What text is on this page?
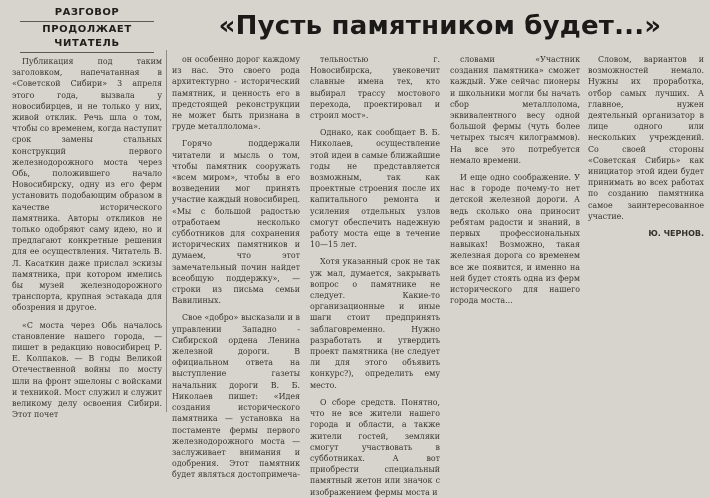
РАЗГОВОР
ПРОДОЛЖАЕТ ЧИТАТЕЛЬ
«Пусть памятником будет...»

Публикация под таким заголовком, напечатанная в «Советской Сибири» 3 апреля этого года, вызвала у новосибирцев, и не только у них, живой отклик. Речь шла о том, чтобы со временем, когда наступит срок замены стальных конструкций первого железнодорожного моста через Обь, положившего начало Новосибирску, одну из его ферм установить подобающим образом в качестве исторического памятника. Авторы откликов не только одобряют саму идею, но и предлагают конкретные решения для ее осуществления. Читатель В. Л. Касаткин даже прислал эскизы памятника, при котором имелись бы музей железнодорожного транспорта, крупная эстакада для обозрения и другое.

«С моста через Обь началось становление нашего города, — пишет в редакцию новосибирец Р. Е. Колпаков. — В годы Великой Отечественной войны по мосту шли на фронт эшелоны с войсками и техникой. Мост служил и служит великому делу освоения Сибири. Этот почет

он особенно дорог каждому из нас. Это своего рода архитектурно - исторический памятник, и ценность его в предстоящей реконструкции не может быть признана в груде металлолома».

Горячо поддержали читатели и мысль о том, чтобы памятник сооружать «всем миром», чтобы в его возведении мог принять участие каждый новосибирец. «Мы с большой радостью отработаем несколько субботников для сохранения исторических памятников и думаем, что этот замечательный почин найдет всеобщую поддержку», — строки из письма семьи Вавилиных.

Свое «добро» высказали и в управлении Западно - Сибирской ордена Ленина железной дороги. В официальном ответа на выступление газеты начальник дороги В. Б. Николаев пишет: «Идея создания исторического памятника — установка на постаменте фермы первого железнодорожного моста — заслуживает внимания и одобрения. Этот памятник будет являться достопримеча-

тельностью г. Новосибирска, увековечит славные имена тех, кто выбирал трассу мостового перехода, проектировал и строил мост».

Однако, как сообщает В. Б. Николаев, осуществление этой идеи в самые ближайшие годы не представляется возможным, так как проектные строения после их капитального ремонта и усиления отдельных узлов смогут обеспечить надежную работу моста еще в течение 10—15 лет.

Хотя указанный срок не так уж мал, думается, закрывать вопрос о памятнике не следует. Какие-то организационные и иные шаги стоит предпринять заблаговременно. Нужно разработать и утвердить проект памятника (не следует ли для этого объявить конкурс?), определить ему место.

О сборе средств. Понятно, что не все жители нашего города и области, а также жители гостей, земляки смогут участвовать в субботниках. А вот приобрести специальный памятный жетон или значок с изображением фермы моста и

словами «Участник создания памятника» сможет каждый. Уже сейчас пионеры и школьники могли бы начать сбор металлолома, эквивалентного весу одной большой фермы (чуть более четырех тысяч килограммов). На все это потребуется немало времени.

И еще одно соображение. У нас в городе почему-то нет детской железной дороги. А ведь сколько она приносит ребятам радости и знаний, в первых профессиональных навыках! Возможно, такая железная дорога со временем все же появится, и именно на ней будет стоять одна из ферм исторического для нашего города моста...

Словом, вариантов и возможностей немало. Нужны их проработка, отбор самых лучших. А главное, нужен деятельный организатор в лице одного или нескольких учреждений. Со своей стороны «Советская Сибирь» как инициатор этой идеи будет принимать во всех работах по созданию памятника самое заинтересованное участие.

Ю. ЧЕРНОВ.
